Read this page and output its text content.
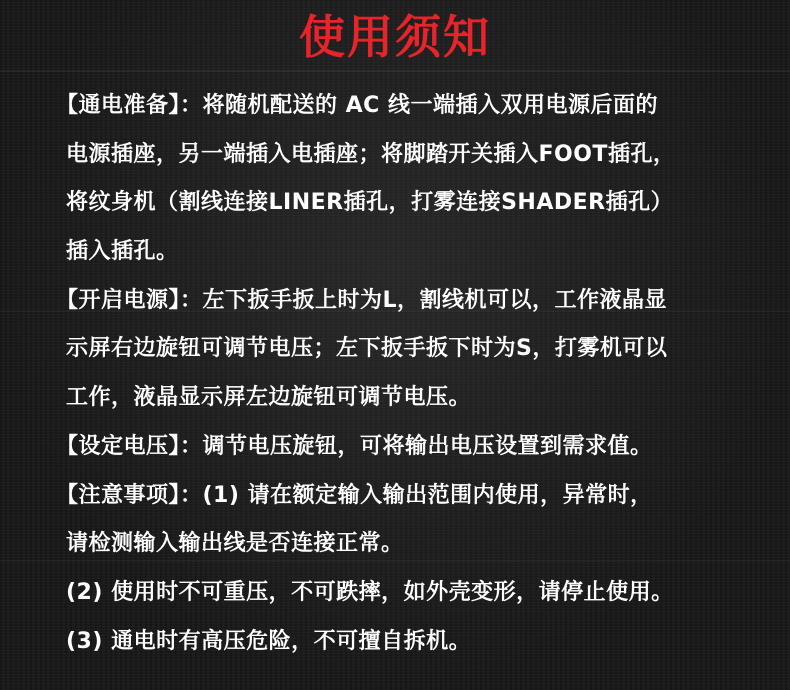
使用须知
【通电准备】：将随机配送的 AC 线一端插入双用电源后面的
电源插座，另一端插入电插座；将脚踏开关插入FOOT插孔，
将纹身机（割线连接LINER插孔，打雾连接SHADER插孔）
插入插孔。
【开启电源】：左下扳手扳上时为L，割线机可以，工作液晶显
示屏右边旋钮可调节电压；左下扳手扳下时为S，打雾机可以
工作，液晶显示屏左边旋钮可调节电压。
【设定电压】：调节电压旋钮，可将输出电压设置到需求值。
【注意事项】：(1) 请在额定输入输出范围内使用，异常时，
请检测输入输出线是否连接正常。
(2) 使用时不可重压，不可跌摔，如外壳变形，请停止使用。
(3) 通电时有高压危险，不可擅自拆机。
